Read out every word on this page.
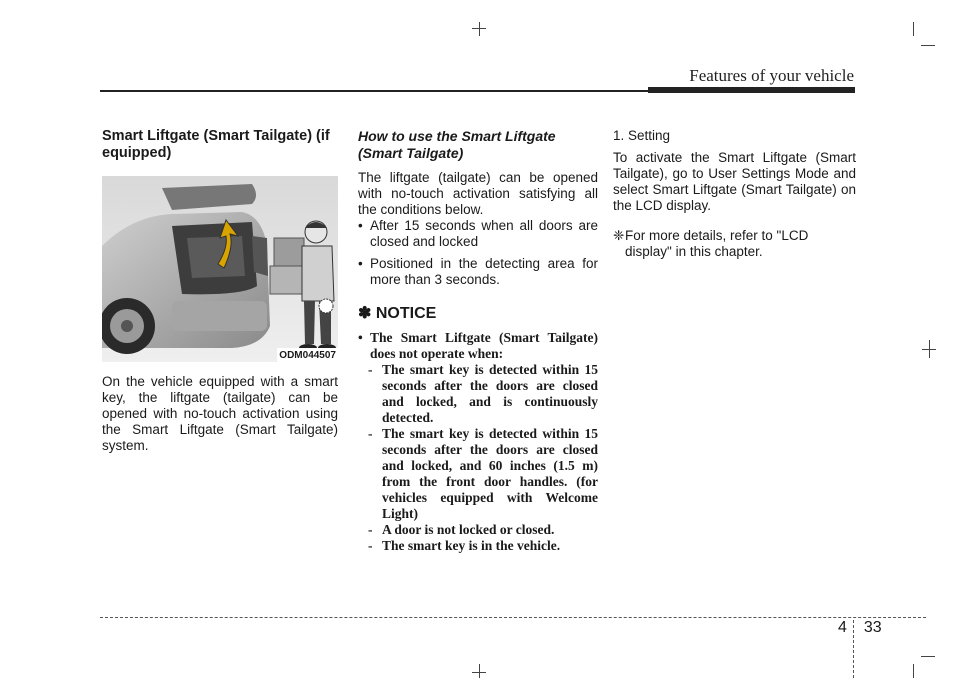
Features of your vehicle
Smart Liftgate (Smart Tailgate) (if equipped)
ODM044507

On the vehicle equipped with a smart key, the liftgate (tailgate) can be opened with no-touch activation using the Smart Liftgate (Smart Tailgate) system.

How to use the Smart Liftgate (Smart Tailgate)

The liftgate (tailgate) can be opened with no-touch activation satisfying all the conditions below.

• After 15 seconds when all doors are closed and locked
• Positioned in the detecting area for more than 3 seconds.
✽ NOTICE
• The Smart Liftgate (Smart Tailgate) does not operate when:
- The smart key is detected within 15 seconds after the doors are closed and locked, and is continuously detected.
- The smart key is detected within 15 seconds after the doors are closed and locked, and 60 inches (1.5 m) from the front door handles. (for vehicles equipped with Welcome Light)
- A door is not locked or closed.
- The smart key is in the vehicle.

1. Setting

To activate the Smart Liftgate (Smart Tailgate), go to User Settings Mode and select Smart Liftgate (Smart Tailgate) on the LCD display.

❈ For more details, refer to "LCD display" in this chapter.
4 33
